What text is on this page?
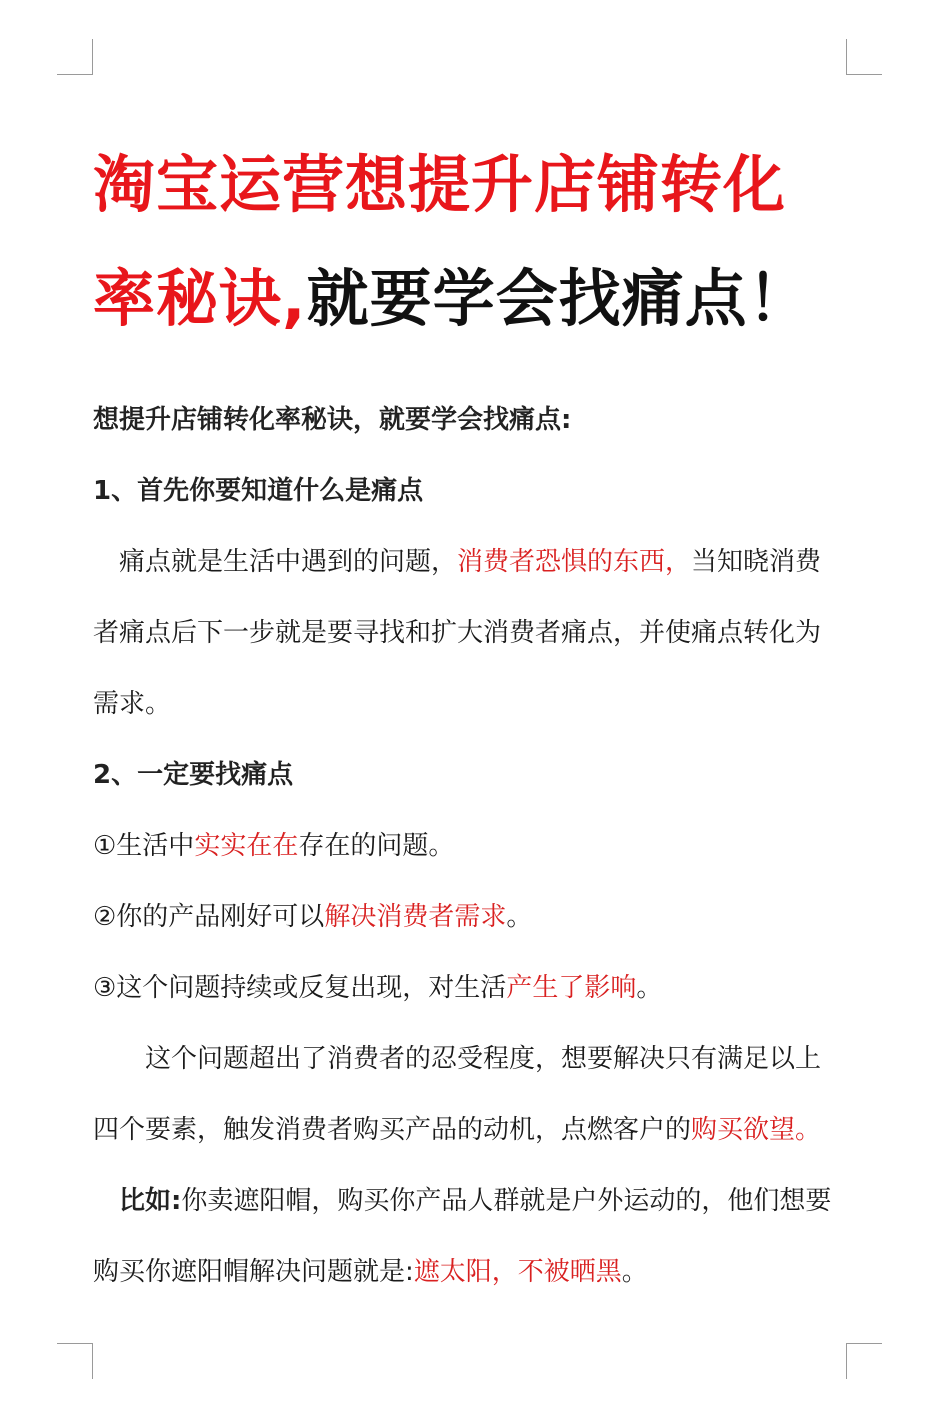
淘宝运营想提升店铺转化
率秘诀,就要学会找痛点！

想提升店铺转化率秘诀，就要学会找痛点:

1、首先你要知道什么是痛点

痛点就是生活中遇到的问题，消费者恐惧的东西，当知晓消费

者痛点后下一步就是要寻找和扩大消费者痛点，并使痛点转化为

需求。

2、一定要找痛点

①生活中实实在在存在的问题。

②你的产品刚好可以解决消费者需求。

③这个问题持续或反复出现，对生活产生了影响。

这个问题超出了消费者的忍受程度，想要解决只有满足以上

四个要素，触发消费者购买产品的动机，点燃客户的购买欲望。

比如:你卖遮阳帽，购买你产品人群就是户外运动的，他们想要

购买你遮阳帽解决问题就是:遮太阳，不被晒黑。
